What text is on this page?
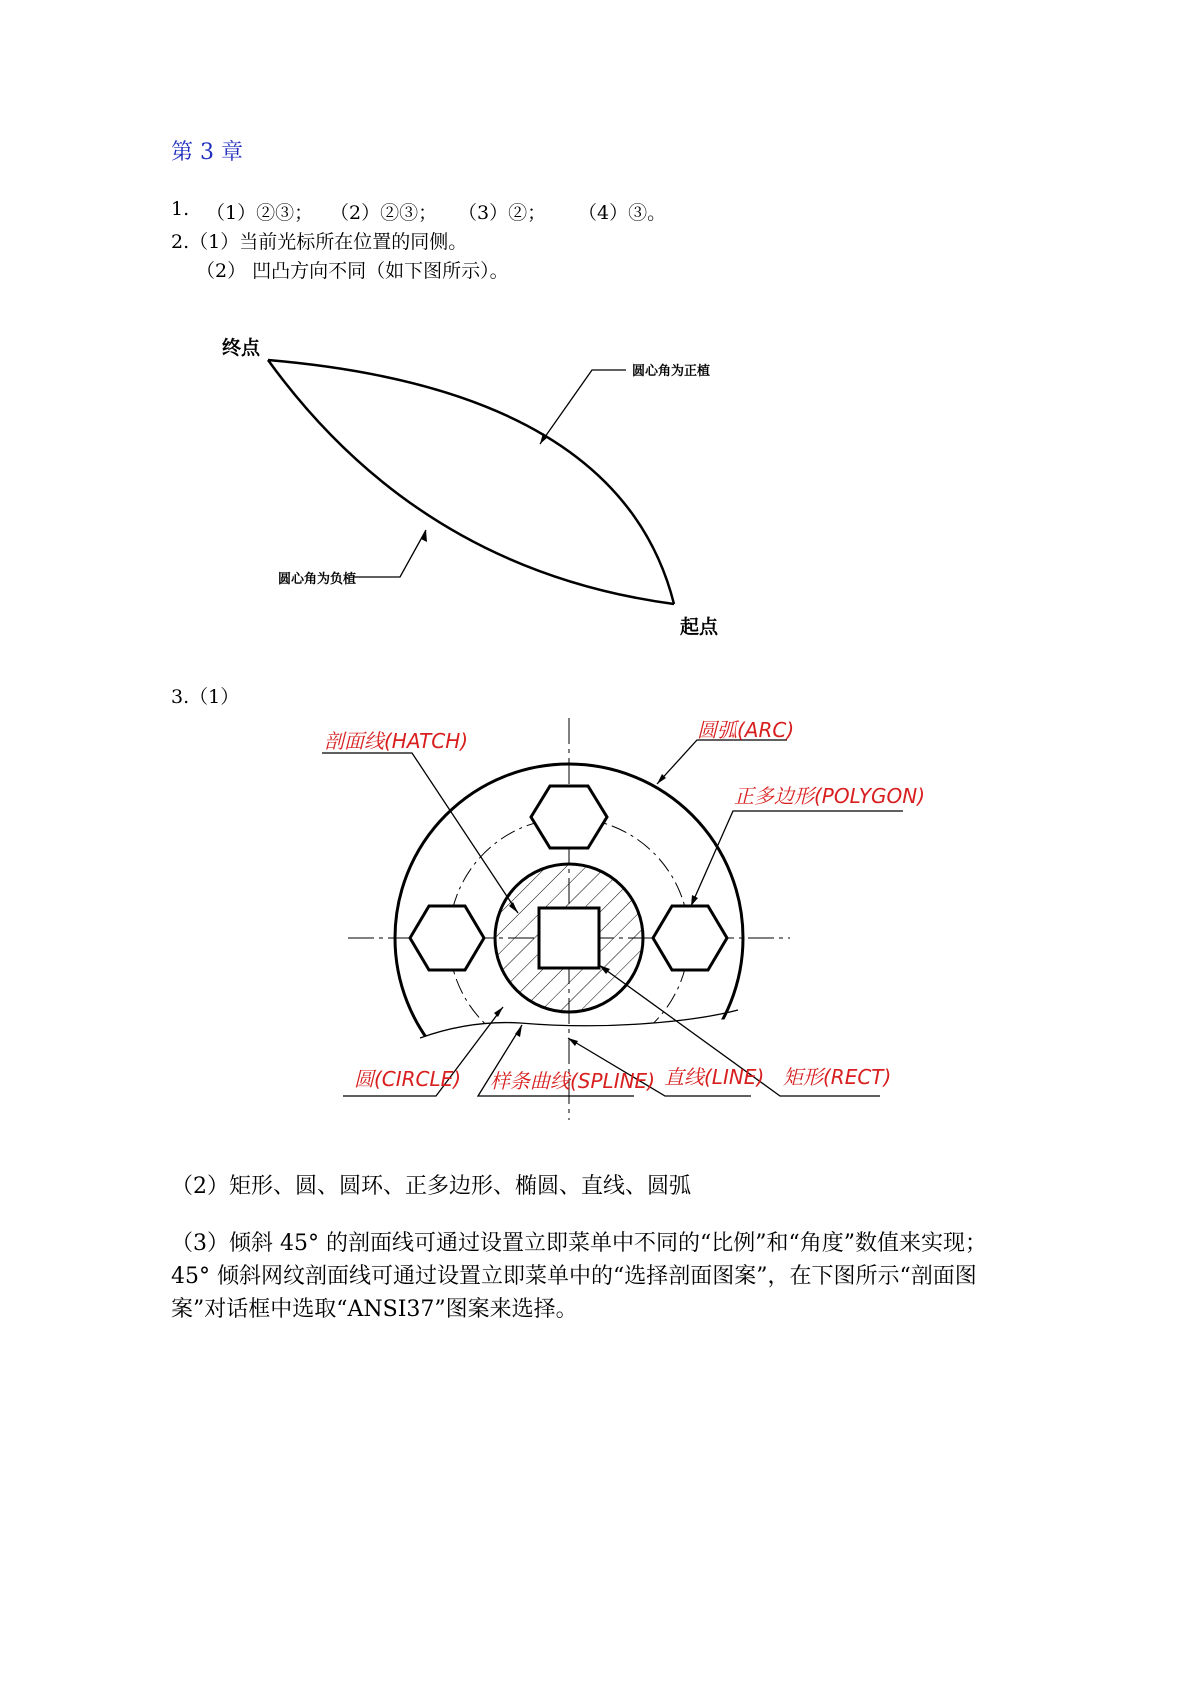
第 3 章
1. （1）②③； （2）②③； （3）②； （4）③。
2.（1）当前光标所在位置的同侧。
（2） 凹凸方向不同（如下图所示）。
终点
起点
圆心角为正植
圆心角为负植
3.（1）
剖面线(HATCH)	圆弧(ARC)
正多边形(POLYGON)
圆(CIRCLE) 样条曲线(SPLINE) 直线(LINE) 矩形(RECT)
（2）矩形、圆、圆环、正多边形、椭圆、直线、圆弧
（3）倾斜 45° 的剖面线可通过设置立即菜单中不同的“比例”和“角度”数值来实现；45° 倾斜网纹剖面线可通过设置立即菜单中的“选择剖面图案”，在下图所示“剖面图案”对话框中选取“ANSI37”图案来选择。
